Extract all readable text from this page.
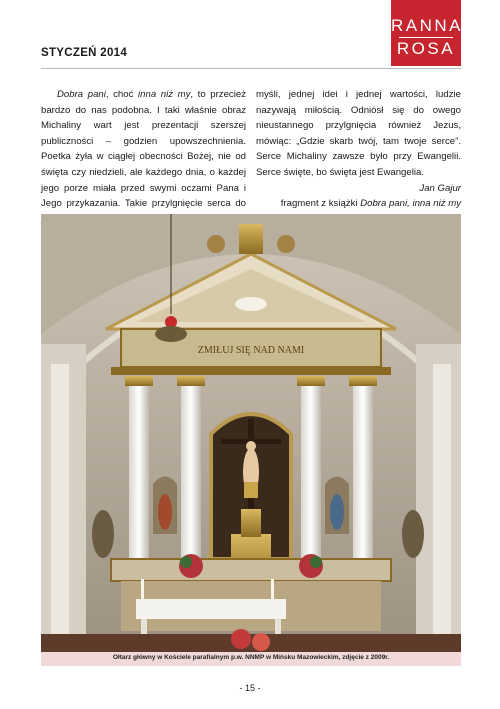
STYCZEŃ 2014
RANNA
ROSA

Dobra pani, choć inna niż my, to przecież bardzo do nas podobna. I taki właśnie obraz Michaliny wart jest prezentacji szerszej publiczności – godzien upowszechnienia. Poetka żyła w ciągłej obecności Bożej, nie od święta czy niedzieli, ale każdego dnia, o każdej jego porze miała przed swymi oczami Pana i Jego przykazania. Takie przylgnięcie serca do

myśli, jednej idei i jednej wartości, ludzie nazywają miłością. Odniósł się do owego nieustannego przylgnięcia również Jezus, mówiąc: „Gdzie skarb twój, tam twoje serce”. Serce Michaliny zawsze było przy Ewangelii. Serce święte, bo święta jest Ewangelia.

Jan Gajur

fragment z książki Dobra pani, inna niż my

ZMIŁUJ SIĘ NAD NAMI
Ołtarz główny w Kościele parafialnym p.w. NNMP w Mińsku Mazowieckim, zdjęcie z 2009r.
- 15 -
